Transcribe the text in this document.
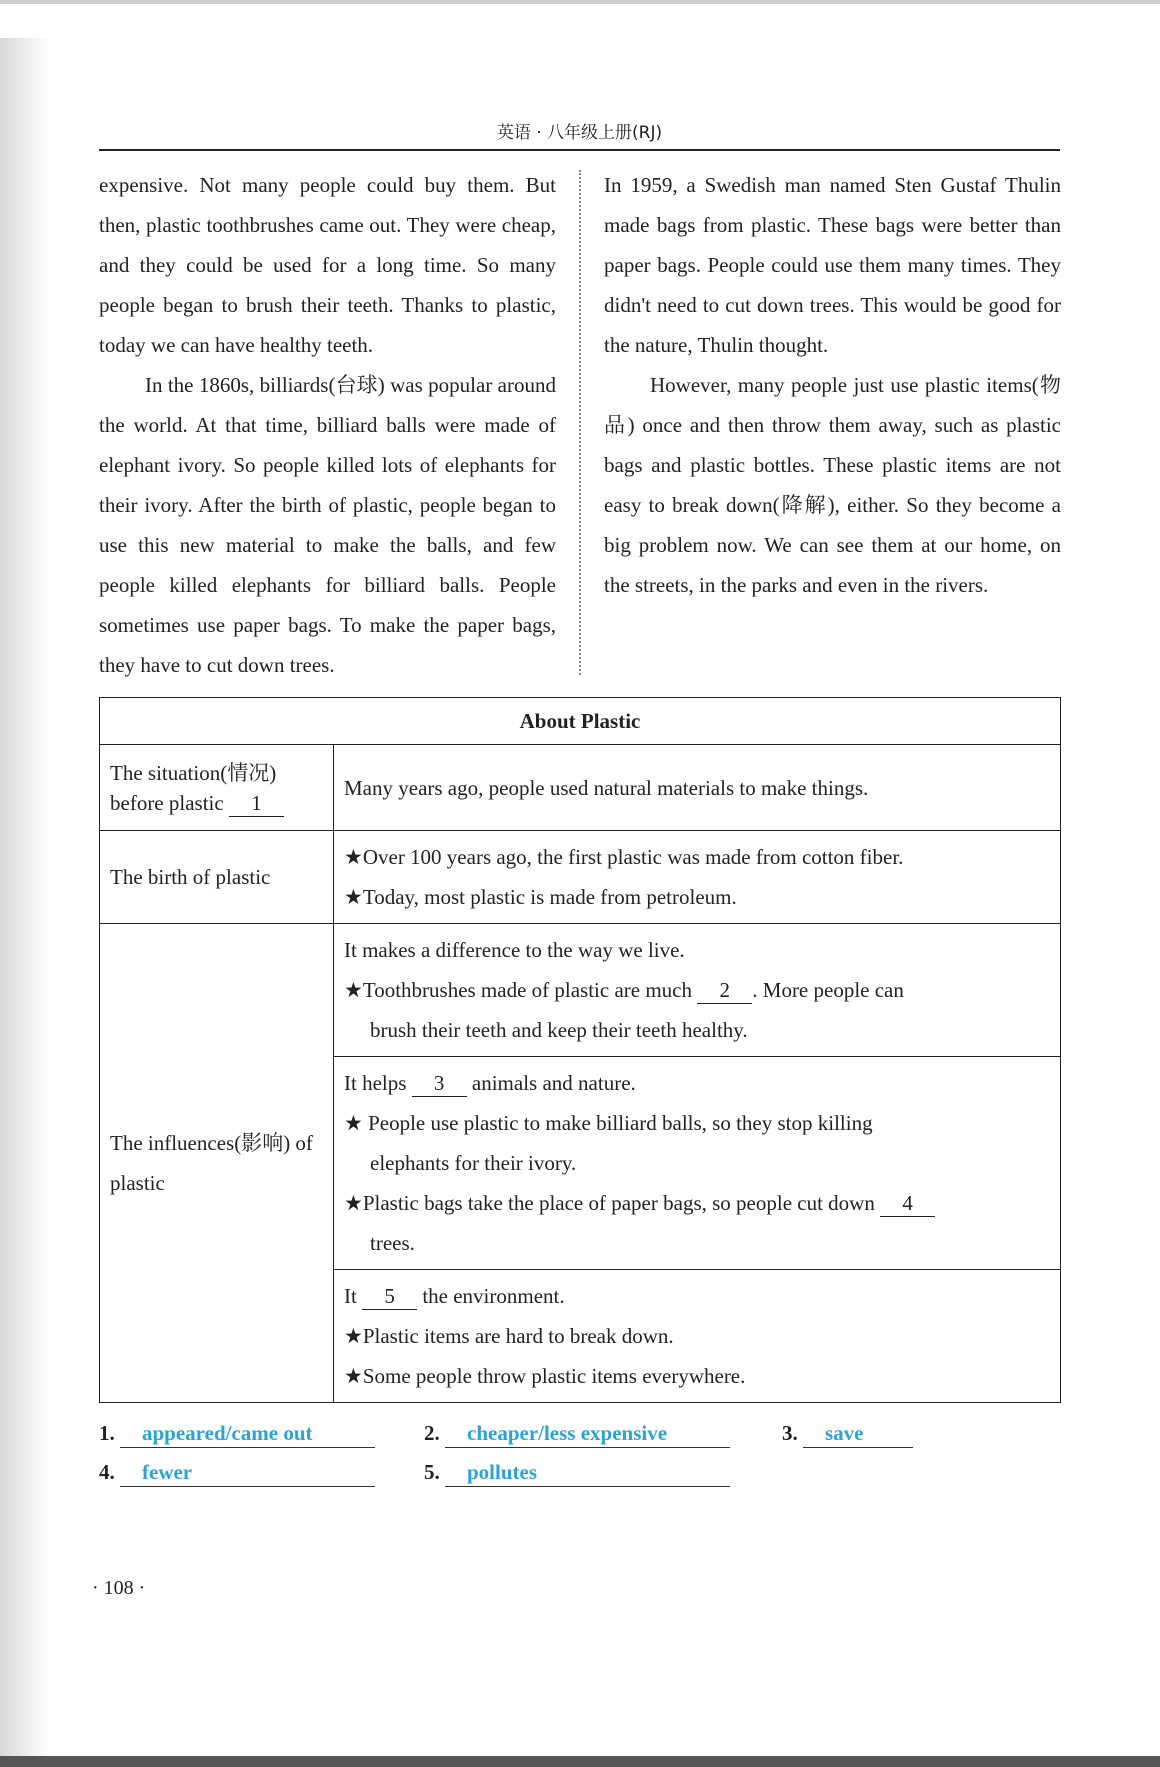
英语 · 八年级上册(RJ)

expensive. Not many people could buy them. But then, plastic toothbrushes came out. They were cheap, and they could be used for a long time. So many people began to brush their teeth. Thanks to plastic, today we can have healthy teeth.

In the 1860s, billiards(台球) was popular around the world. At that time, billiard balls were made of elephant ivory. So people killed lots of elephants for their ivory. After the birth of plastic, people began to use this new material to make the balls, and few people killed elephants for billiard balls. People sometimes use paper bags. To make the paper bags, they have to cut down trees.

In 1959, a Swedish man named Sten Gustaf Thulin made bags from plastic. These bags were better than paper bags. People could use them many times. They didn't need to cut down trees. This would be good for the nature, Thulin thought.

However, many people just use plastic items(物品) once and then throw them away, such as plastic bags and plastic bottles. These plastic items are not easy to break down(降解), either. So they become a big problem now. We can see them at our home, on the streets, in the parks and even in the rivers.

About Plastic	
The situation(情况) before plastic 1	Many years ago, people used natural materials to make things.
The birth of plastic	★Over 100 years ago, the first plastic was made from cotton fiber.
★Today, most plastic is made from petroleum.

The influences(影响) of plastic	It makes a difference to the way we live.
★Toothbrushes made of plastic are much 2 . More people can
brush their teeth and keep their teeth healthy.

	It helps 3 animals and nature.
★ People use plastic to make billiard balls, so they stop killing
elephants for their ivory.
★Plastic bags take the place of paper bags, so people cut down 4
trees.

	It 5 the environment.
★Plastic items are hard to break down.
★Some people throw plastic items everywhere.
1. appeared/came out	2. cheaper/less expensive	3. save
4. fewer	5. pollutes
· 108 ·
